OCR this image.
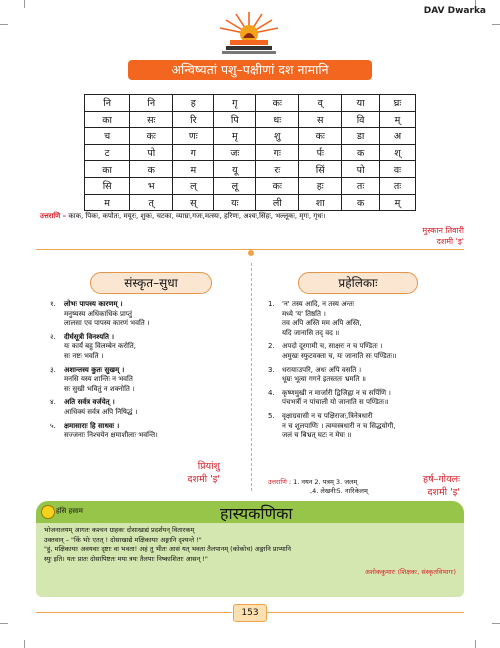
DAV Dwarka
अन्विष्यतां पशु–पक्षीणां दश नामानि
नि	नि	ह	गृ	कः	व्	या	घ्रः
का	सः	रि	पि	धः	स	वि	म्
च	कः	णः	मृ	शु	कः	डा	अ
ट	पो	ग	जः	गः	र्पः	क	श्
का	क	म	यू	रः	सिं	पो	वः
सि	भ	ल्	लू	कः	हः	तः	तः
म	त्	स्	यः	ली	शा	क	म्
उत्तराणि – काक, पिकः, कपोतः, मयूरः, शुकः, चटका, व्याघ्रः,गजः,मत्स्यः, हरिणः, अश्वः,सिंहः, भल्लूकः, मृगः, गृधः।
मुस्कान तिवारी
दशमी 'इ'
संस्कृत–सुधा
१. लोभः पापस्य कारणम् ।
मनुष्यस्य अधिकाधिकं प्राप्तुं
लालसा एव पापस्य कारणं भवति ।
२. दीर्घसूत्री विनश्यति ।
यः कार्यं बहु विलम्बेन करोति,
सः नष्टः भवति ।
३. अशान्तस्य कुतः सुखम् ।
मनसि यस्य शान्तिः न भवति
सः सुखी भवितुं न शक्नोति ।
४. अति सर्वत्र वर्जयेत् ।
आधिक्यं सर्वत्र अपि निषिद्धं ।
५. क्षमासाराः हि साधवः ।
सज्जनाः निश्चयेन क्षमाशीलाः भवन्ति।
प्रियांशु
दशमी 'इ'
प्रहेलिकाः
1. 'न' तस्य आदि, न तस्य अन्तः
मध्ये 'य' तिष्ठति ।
तव अपि अस्ति मम अपि अस्ति,
यदि जानासि तद् वद ॥
2. अपदो दूरगामी च, साक्षरः न च पण्डितः ।
अमुखः स्फुटवक्ता च, यः जानाति सः पण्डितः॥
3. धरायाःउपरि, अधः अपि वसति ।
धूम्रः भूत्वा गगने इतस्ततः भ्रमति ॥
4. कृष्णमुखी न मार्जारी द्विजिह्वा न च सर्पिणि ।
पंचभर्त्री न पांचाली यो जानाति स पण्डितः॥
5. वृक्षाग्रवासी न च पक्षिराजः,त्रिनेत्रधारी
न च शूलपाणिः । त्वग्वस्त्रधारी न च सिद्धयोगी,
जलं च बिभ्रत् घटः न मेघः ॥
उत्तराणि : 1. नयन 2. पत्रम् 3. जलम्
,4. लेखनीः5. नारिकेलम्
हर्ष–गोयलः
दशमी 'इ'
हंसि हसाम	हास्यकणिका
भोजनालयम् आगतः कश्चन ग्राहकः दोसाखाद्यं प्रदर्शयन् वितारकम्
उक्तवान् – "किं भोः एतत् ! दोसाखाद्ये मक्षिकायाः अङ्गानि दृश्यन्ते !"
"हुं, मक्षिकायाः अवयवाः दृष्टाः वा भवता! अहं तु भीतः आसं यत् भवता तैलपानम् (कोकोच) अङ्गानि प्राप्यानि
स्युः इति। यतः प्रातः दोसापिष्टतः मया त्रयः तैलपाः निष्काशिताः आसन् !"
अशोककुमारः (शिक्षकः, संस्कृतविभागः)
153
